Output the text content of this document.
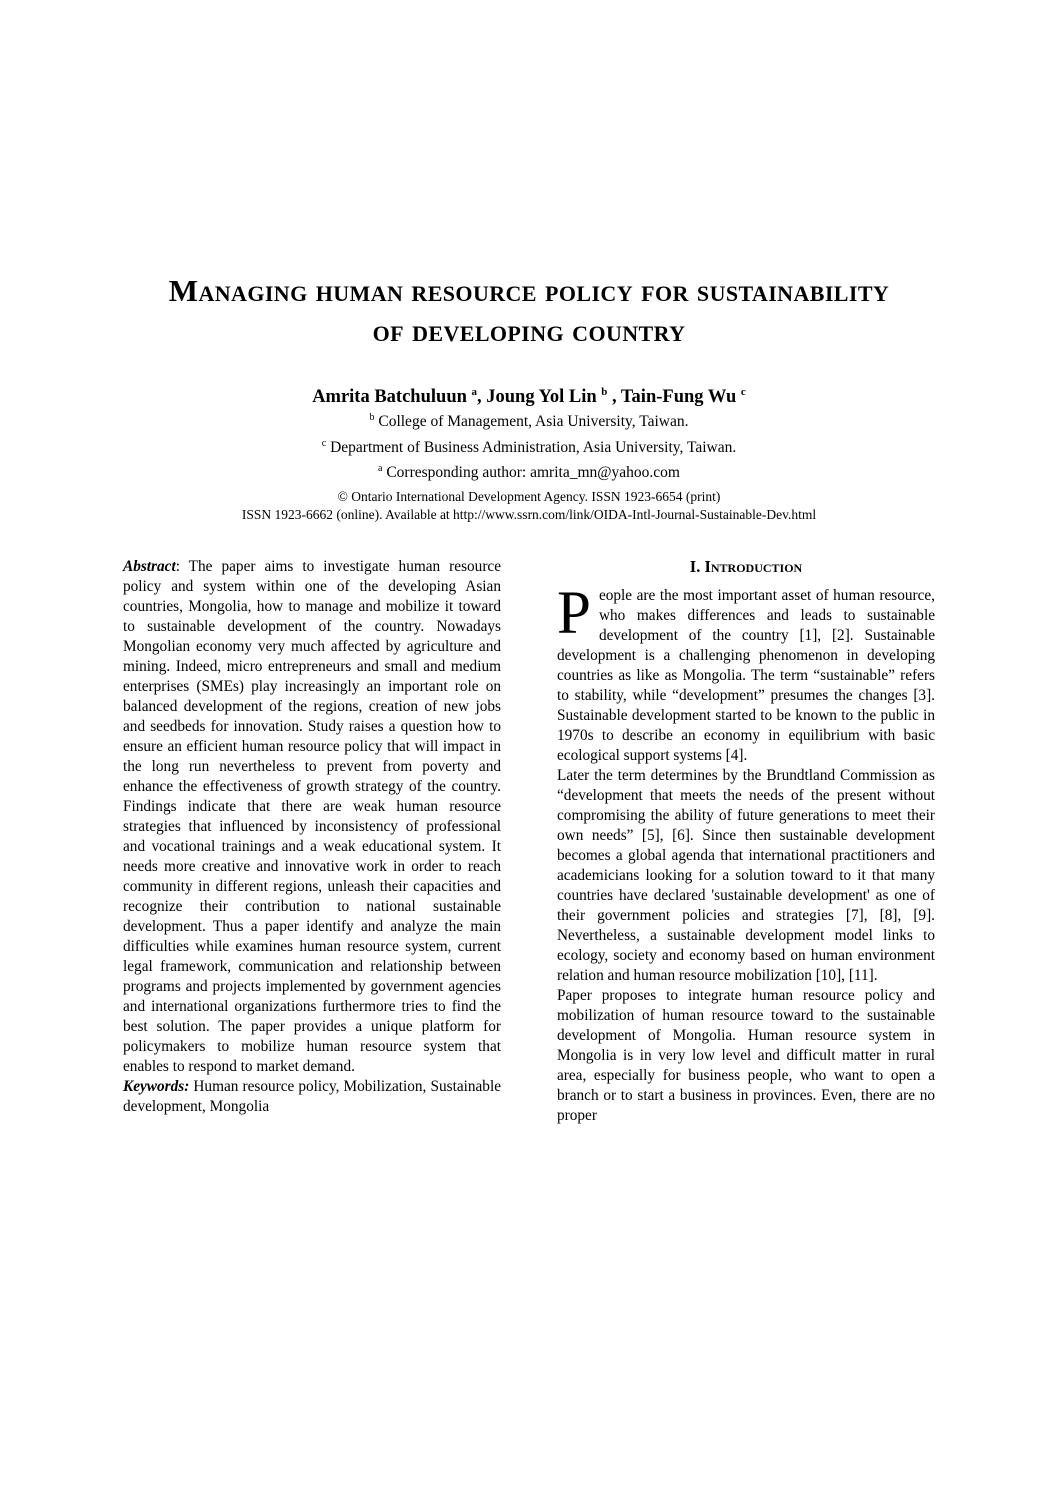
Managing human resource policy for sustainability
of developing country
Amrita Batchuluun $^a$, Joung Yol Lin $^b$ , Tain-Fung Wu $^c$
$^b$ College of Management, Asia University, Taiwan.
$^c$ Department of Business Administration, Asia University, Taiwan.
$^a$ Corresponding author: amrita_mn@yahoo.com
© Ontario International Development Agency. ISSN 1923-6654 (print)
ISSN 1923-6662 (online). Available at http://www.ssrn.com/link/OIDA-Intl-Journal-Sustainable-Dev.html

Abstract: The paper aims to investigate human resource policy and system within one of the developing Asian countries, Mongolia, how to manage and mobilize it toward to sustainable development of the country. Nowadays Mongolian economy very much affected by agriculture and mining. Indeed, micro entrepreneurs and small and medium enterprises (SMEs) play increasingly an important role on balanced development of the regions, creation of new jobs and seedbeds for innovation. Study raises a question how to ensure an efficient human resource policy that will impact in the long run nevertheless to prevent from poverty and enhance the effectiveness of growth strategy of the country. Findings indicate that there are weak human resource strategies that influenced by inconsistency of professional and vocational trainings and a weak educational system. It needs more creative and innovative work in order to reach community in different regions, unleash their capacities and recognize their contribution to national sustainable development. Thus a paper identify and analyze the main difficulties while examines human resource system, current legal framework, communication and relationship between programs and projects implemented by government agencies and international organizations furthermore tries to find the best solution. The paper provides a unique platform for policymakers to mobilize human resource system that enables to respond to market demand.

Keywords: Human resource policy, Mobilization, Sustainable development, Mongolia

I. Introduction

People are the most important asset of human resource, who makes differences and leads to sustainable development of the country [1], [2]. Sustainable development is a challenging phenomenon in developing countries as like as Mongolia. The term “sustainable” refers to stability, while “development” presumes the changes [3]. Sustainable development started to be known to the public in 1970s to describe an economy in equilibrium with basic ecological support systems [4].

Later the term determines by the Brundtland Commission as “development that meets the needs of the present without compromising the ability of future generations to meet their own needs” [5], [6]. Since then sustainable development becomes a global agenda that international practitioners and academicians looking for a solution toward to it that many countries have declared 'sustainable development' as one of their government policies and strategies [7], [8], [9]. Nevertheless, a sustainable development model links to ecology, society and economy based on human environment relation and human resource mobilization [10], [11].

Paper proposes to integrate human resource policy and mobilization of human resource toward to the sustainable development of Mongolia. Human resource system in Mongolia is in very low level and difficult matter in rural area, especially for business people, who want to open a branch or to start a business in provinces. Even, there are no proper
